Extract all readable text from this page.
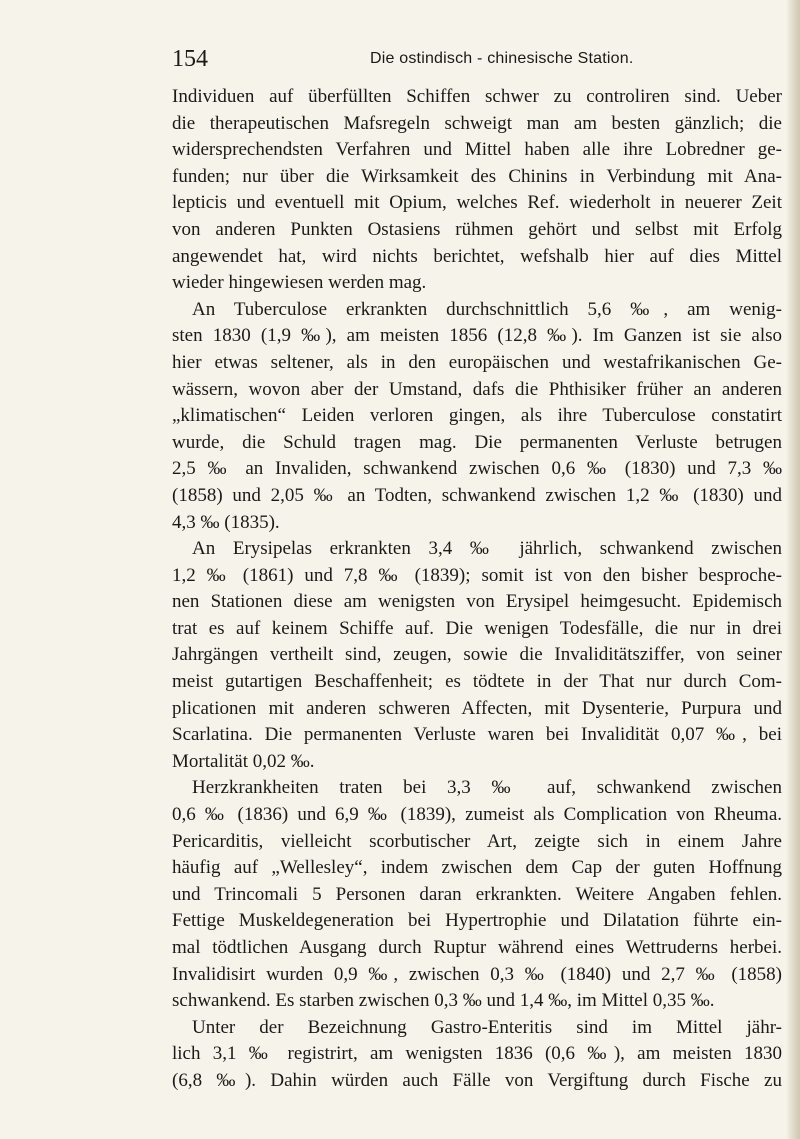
154	Die ostindisch - chinesische Station.
Individuen auf überfüllten Schiffen schwer zu controliren sind. Ueber
die therapeutischen Mafsregeln schweigt man am besten gänzlich; die
widersprechendsten Verfahren und Mittel haben alle ihre Lobredner ge-
funden; nur über die Wirksamkeit des Chinins in Verbindung mit Ana-
lepticis und eventuell mit Opium, welches Ref. wiederholt in neuerer Zeit
von anderen Punkten Ostasiens rühmen gehört und selbst mit Erfolg
angewendet hat, wird nichts berichtet, wefshalb hier auf dies Mittel
wieder hingewiesen werden mag.
An Tuberculose erkrankten durchschnittlich 5,6 ‰, am wenig-
sten 1830 (1,9 ‰), am meisten 1856 (12,8 ‰). Im Ganzen ist sie also
hier etwas seltener, als in den europäischen und westafrikanischen Ge-
wässern, wovon aber der Umstand, dafs die Phthisiker früher an anderen
„klimatischen“ Leiden verloren gingen, als ihre Tuberculose constatirt
wurde, die Schuld tragen mag. Die permanenten Verluste betrugen
2,5 ‰ an Invaliden, schwankend zwischen 0,6 ‰ (1830) und 7,3 ‰
(1858) und 2,05 ‰ an Todten, schwankend zwischen 1,2 ‰ (1830) und
4,3 ‰ (1835).
An Erysipelas erkrankten 3,4 ‰ jährlich, schwankend zwischen
1,2 ‰ (1861) und 7,8 ‰ (1839); somit ist von den bisher besproche-
nen Stationen diese am wenigsten von Erysipel heimgesucht. Epidemisch
trat es auf keinem Schiffe auf. Die wenigen Todesfälle, die nur in drei
Jahrgängen vertheilt sind, zeugen, sowie die Invaliditätsziffer, von seiner
meist gutartigen Beschaffenheit; es tödtete in der That nur durch Com-
plicationen mit anderen schweren Affecten, mit Dysenterie, Purpura und
Scarlatina. Die permanenten Verluste waren bei Invalidität 0,07 ‰, bei
Mortalität 0,02 ‰.
Herzkrankheiten traten bei 3,3 ‰ auf, schwankend zwischen
0,6 ‰ (1836) und 6,9 ‰ (1839), zumeist als Complication von Rheuma.
Pericarditis, vielleicht scorbutischer Art, zeigte sich in einem Jahre
häufig auf „Wellesley“, indem zwischen dem Cap der guten Hoffnung
und Trincomali 5 Personen daran erkrankten. Weitere Angaben fehlen.
Fettige Muskeldegeneration bei Hypertrophie und Dilatation führte ein-
mal tödtlichen Ausgang durch Ruptur während eines Wettruderns herbei.
Invalidisirt wurden 0,9 ‰, zwischen 0,3 ‰ (1840) und 2,7 ‰ (1858)
schwankend. Es starben zwischen 0,3 ‰ und 1,4 ‰, im Mittel 0,35 ‰.
Unter der Bezeichnung Gastro-Enteritis sind im Mittel jähr-
lich 3,1 ‰ registrirt, am wenigsten 1836 (0,6 ‰), am meisten 1830
(6,8 ‰). Dahin würden auch Fälle von Vergiftung durch Fische zu
